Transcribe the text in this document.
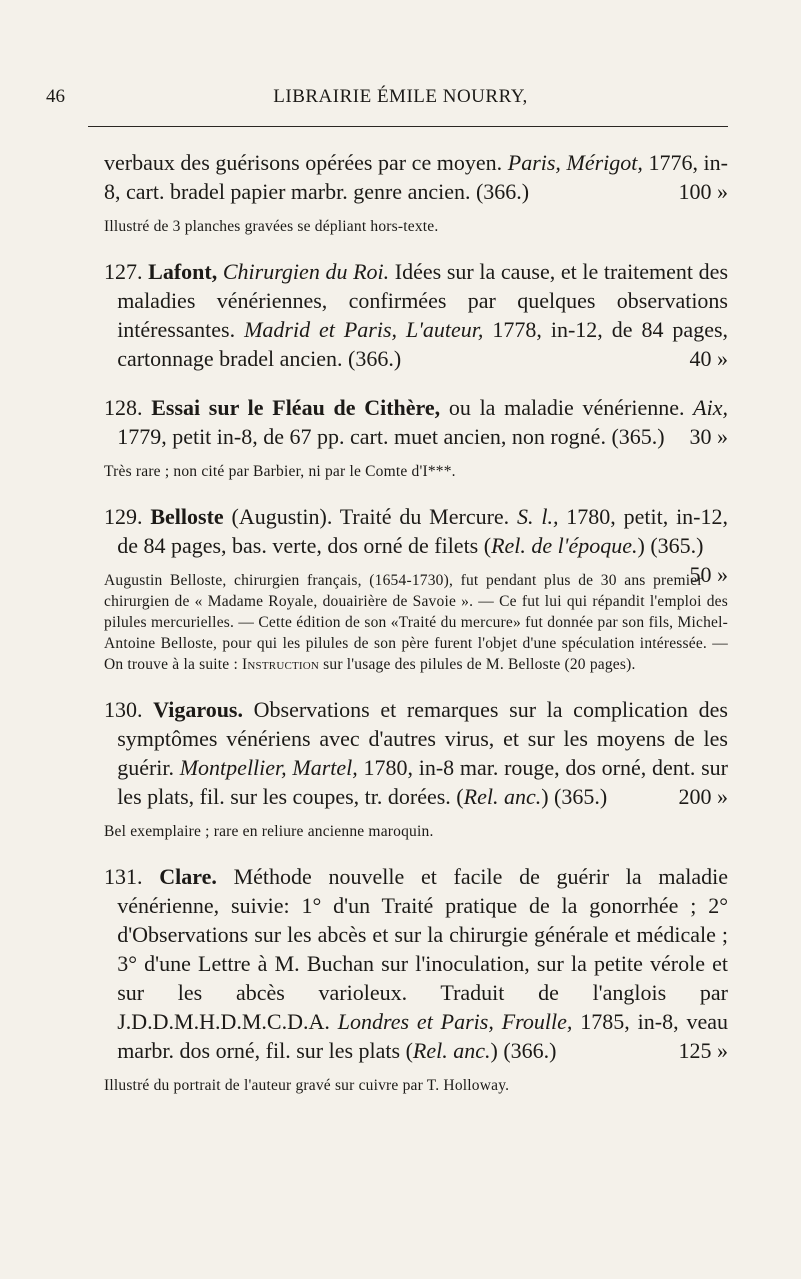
46	LIBRAIRIE ÉMILE NOURRY,

verbaux des guérisons opérées par ce moyen. Paris, Mérigot, 1776, in-8, cart. bradel papier marbr. genre ancien. (366.)	100 »

Illustré de 3 planches gravées se dépliant hors-texte.

127. Lafont, Chirurgien du Roi. Idées sur la cause, et le traitement des maladies vénériennes, confirmées par quelques observations intéressantes. Madrid et Paris, L'auteur, 1778, in-12, de 84 pages, cartonnage bradel ancien. (366.)	40 »

128. Essai sur le Fléau de Cithère, ou la maladie vénérienne. Aix, 1779, petit in-8, de 67 pp. cart. muet ancien, non rogné. (365.) 30 »

Très rare ; non cité par Barbier, ni par le Comte d'I***.

129. Belloste (Augustin). Traité du Mercure. S. l., 1780, petit, in-12, de 84 pages, bas. verte, dos orné de filets (Rel. de l'époque.) (365.)
50 »

Augustin Belloste, chirurgien français, (1654-1730), fut pendant plus de 30 ans premier chirurgien de « Madame Royale, douairière de Savoie ». — Ce fut lui qui répandit l'emploi des pilules mercurielles. — Cette édition de son «Traité du mercure» fut donnée par son fils, Michel-Antoine Belloste, pour qui les pilules de son père furent l'objet d'une spéculation intéressée. — On trouve à la suite : Instruction sur l'usage des pilules de M. Belloste (20 pages).

130. Vigarous. Observations et remarques sur la complication des symptômes vénériens avec d'autres virus, et sur les moyens de les guérir. Montpellier, Martel, 1780, in-8 mar. rouge, dos orné, dent. sur les plats, fil. sur les coupes, tr. dorées. (Rel. anc.) (365.)	200 »

Bel exemplaire ; rare en reliure ancienne maroquin.

131. Clare. Méthode nouvelle et facile de guérir la maladie vénérienne, suivie: 1° d'un Traité pratique de la gonorrhée ; 2° d'Observations sur les abcès et sur la chirurgie générale et médicale ; 3° d'une Lettre à M. Buchan sur l'inoculation, sur la petite vérole et sur les abcès varioleux. Traduit de l'anglois par J.D.D.M.H.D.M.C.D.A. Londres et Paris, Froulle, 1785, in-8, veau marbr. dos orné, fil. sur les plats (Rel. anc.) (366.)	125 »

Illustré du portrait de l'auteur gravé sur cuivre par T. Holloway.
